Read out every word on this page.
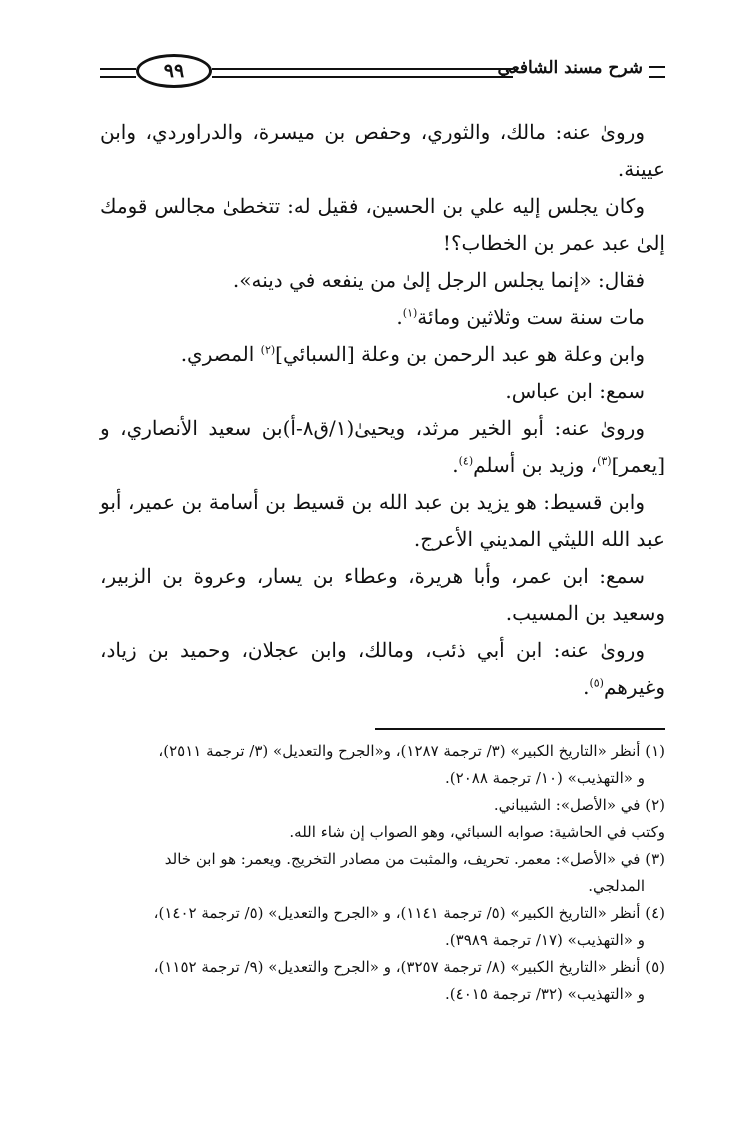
شرح مسند الشافعي
٩٩

وروىٰ عنه: مالك، والثوري، وحفص بن ميسرة، والدراوردي، وابن عيينة.

وكان يجلس إليه علي بن الحسين، فقيل له: تتخطىٰ مجالس قومك إلىٰ عبد عمر بن الخطاب؟!

فقال: «إنما يجلس الرجل إلىٰ من ينفعه في دينه».

مات سنة ست وثلاثين ومائة$^{(١)}$.

وابن وعلة هو عبد الرحمن بن وعلة [السبائي]$^{(٢)}$ المصري.

سمع: ابن عباس.

وروىٰ عنه: أبو الخير مرثد، ويحيىٰ(١/ق٨-أ)بن سعيد الأنصاري، و [يعمر]$^{(٣)}$، وزيد بن أسلم$^{(٤)}$.

وابن قسيط: هو يزيد بن عبد الله بن قسيط بن أسامة بن عمير، أبو عبد الله الليثي المديني الأعرج.

سمع: ابن عمر، وأبا هريرة، وعطاء بن يسار، وعروة بن الزبير، وسعيد بن المسيب.

وروىٰ عنه: ابن أبي ذئب، ومالك، وابن عجلان، وحميد بن زياد، وغيرهم$^{(٥)}$.

(١) أنظر «التاريخ الكبير» (٣/ ترجمة ١٢٨٧)، و«الجرح والتعديل» (٣/ ترجمة ٢٥١١)،

و «التهذيب» (١٠/ ترجمة ٢٠٨٨).

(٢) في «الأصل»: الشيباني.

وكتب في الحاشية: صوابه السبائي، وهو الصواب إن شاء الله.

(٣) في «الأصل»: معمر. تحريف، والمثبت من مصادر التخريج. ويعمر: هو ابن خالد

المدلجي.

(٤) أنظر «التاريخ الكبير» (٥/ ترجمة ١١٤١)، و «الجرح والتعديل» (٥/ ترجمة ١٤٠٢)،

و «التهذيب» (١٧/ ترجمة ٣٩٨٩).

(٥) أنظر «التاريخ الكبير» (٨/ ترجمة ٣٢٥٧)، و «الجرح والتعديل» (٩/ ترجمة ١١٥٢)،

و «التهذيب» (٣٢/ ترجمة ٤٠١٥).
